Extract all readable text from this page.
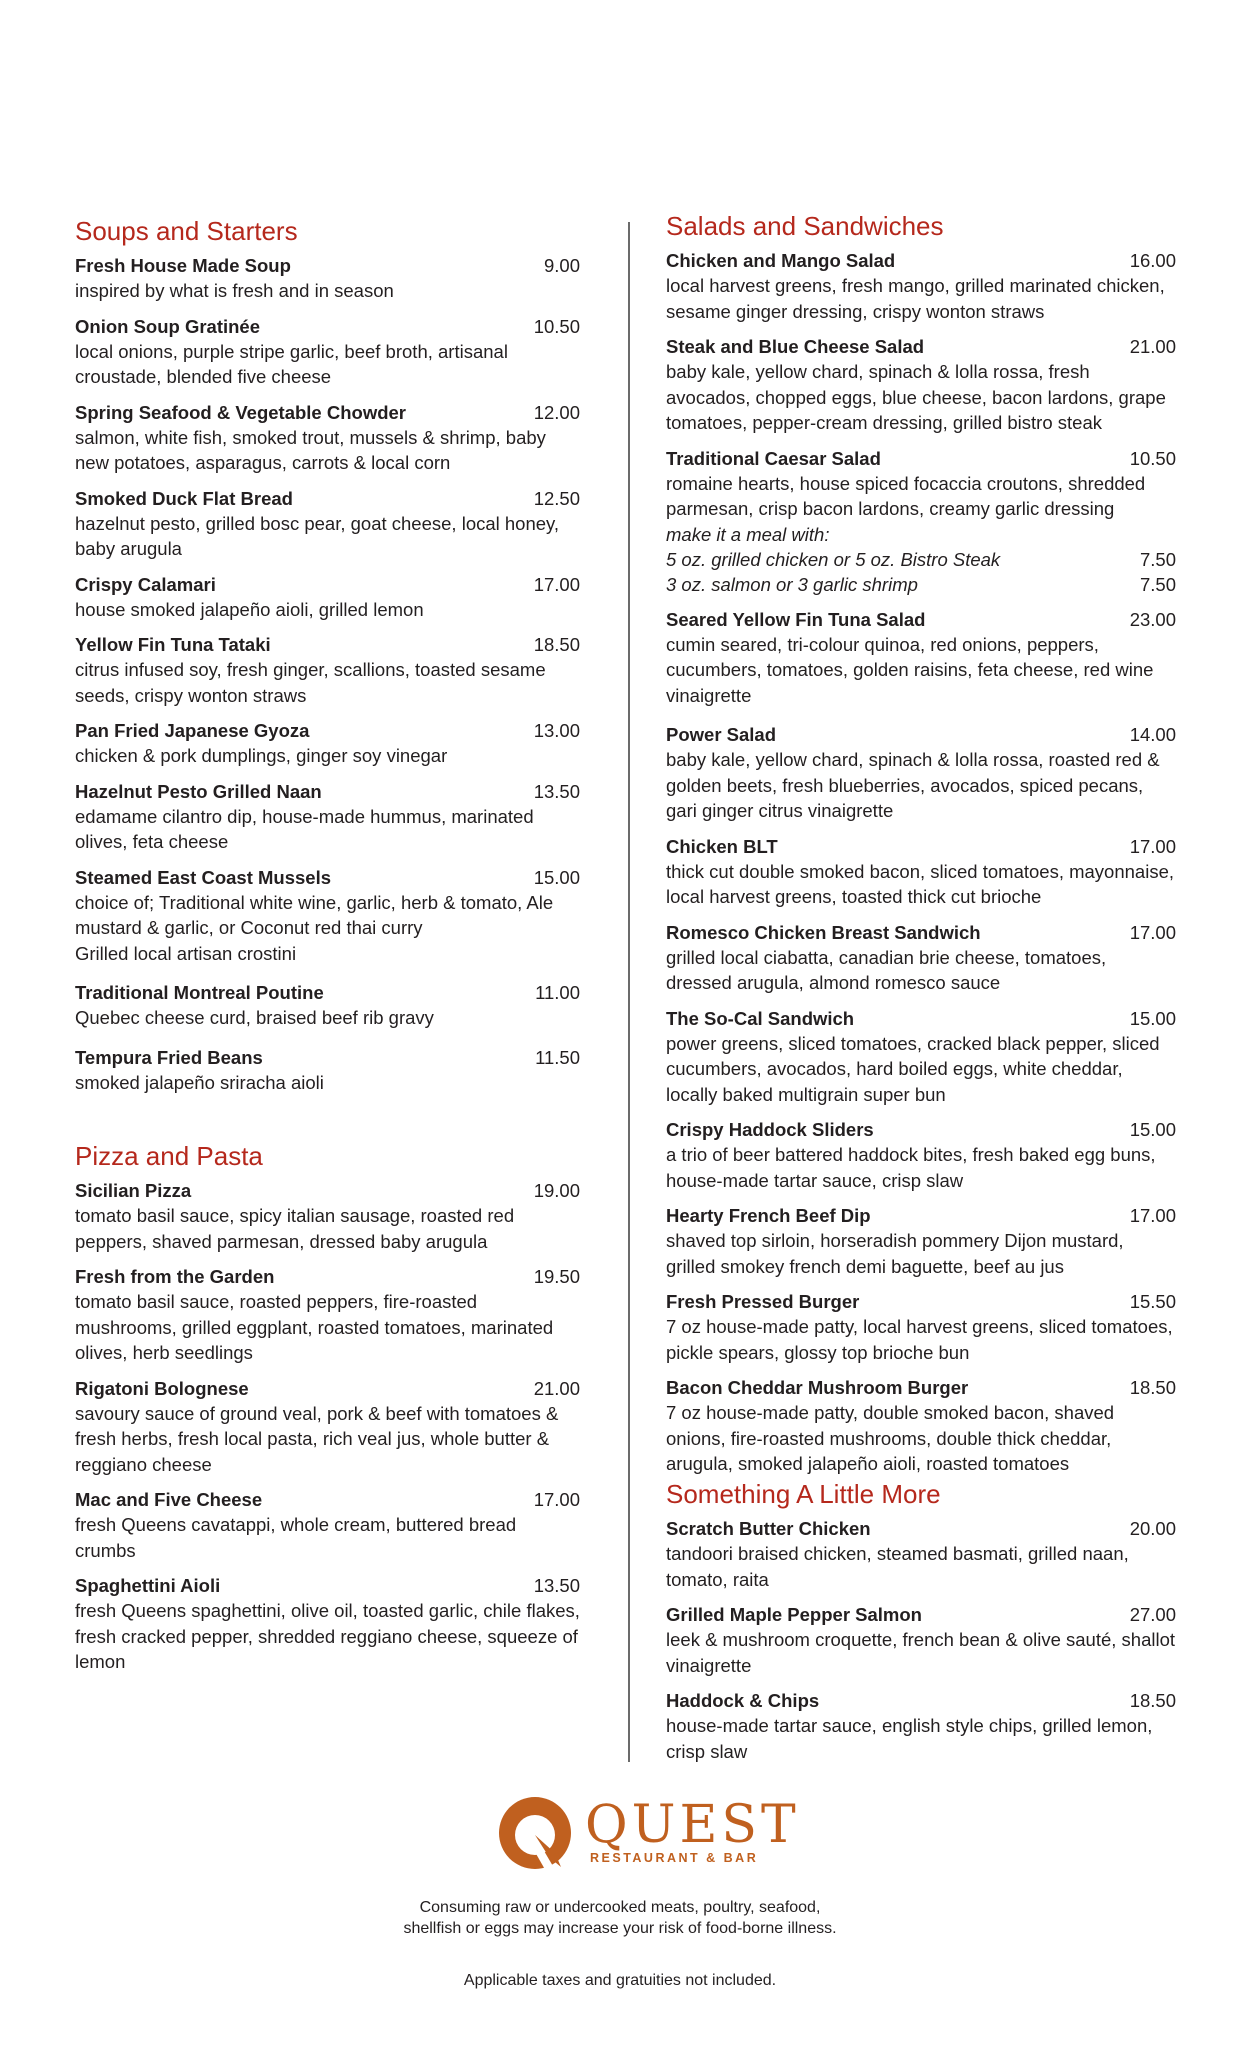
Soups and Starters
Fresh House Made Soup	9.00
inspired by what is fresh and in season
Onion Soup Gratinée	10.50
local onions, purple stripe garlic, beef broth, artisanal croustade, blended five cheese
Spring Seafood & Vegetable Chowder	12.00
salmon, white fish, smoked trout, mussels & shrimp, baby new potatoes, asparagus, carrots & local corn
Smoked Duck Flat Bread	12.50
hazelnut pesto, grilled bosc pear, goat cheese, local honey, baby arugula
Crispy Calamari	17.00
house smoked jalapeño aioli, grilled lemon
Yellow Fin Tuna Tataki	18.50
citrus infused soy, fresh ginger, scallions, toasted sesame seeds, crispy wonton straws
Pan Fried Japanese Gyoza	13.00
chicken & pork dumplings, ginger soy vinegar
Hazelnut Pesto Grilled Naan	13.50
edamame cilantro dip, house-made hummus, marinated olives, feta cheese
Steamed East Coast Mussels	15.00
choice of; Traditional white wine, garlic, herb & tomato, Ale mustard & garlic, or Coconut red thai curry
Grilled local artisan crostini
Traditional Montreal Poutine	11.00
Quebec cheese curd, braised beef rib gravy
Tempura Fried Beans	11.50
smoked jalapeño sriracha aioli
Pizza and Pasta
Sicilian Pizza	19.00
tomato basil sauce, spicy italian sausage, roasted red peppers, shaved parmesan, dressed baby arugula
Fresh from the Garden	19.50
tomato basil sauce, roasted peppers, fire-roasted mushrooms, grilled eggplant, roasted tomatoes, marinated olives, herb seedlings
Rigatoni Bolognese	21.00
savoury sauce of ground veal, pork & beef with tomatoes & fresh herbs, fresh local pasta, rich veal jus, whole butter & reggiano cheese
Mac and Five Cheese	17.00
fresh Queens cavatappi, whole cream, buttered bread crumbs
Spaghettini Aioli	13.50
fresh Queens spaghettini, olive oil, toasted garlic, chile flakes, fresh cracked pepper, shredded reggiano cheese, squeeze of lemon
Salads and Sandwiches
Chicken and Mango Salad	16.00
local harvest greens, fresh mango, grilled marinated chicken, sesame ginger dressing, crispy wonton straws
Steak and Blue Cheese Salad	21.00
baby kale, yellow chard, spinach & lolla rossa, fresh avocados, chopped eggs, blue cheese, bacon lardons, grape tomatoes, pepper-cream dressing, grilled bistro steak
Traditional Caesar Salad	10.50
romaine hearts, house spiced focaccia croutons, shredded parmesan, crisp bacon lardons, creamy garlic dressing
make it a meal with:
5 oz. grilled chicken or 5 oz. Bistro Steak	7.50
3 oz. salmon or 3 garlic shrimp	7.50
Seared Yellow Fin Tuna Salad	23.00
cumin seared, tri-colour quinoa, red onions, peppers, cucumbers, tomatoes, golden raisins, feta cheese, red wine vinaigrette
Power Salad	14.00
baby kale, yellow chard, spinach & lolla rossa, roasted red & golden beets, fresh blueberries, avocados, spiced pecans, gari ginger citrus vinaigrette
Chicken BLT	17.00
thick cut double smoked bacon, sliced tomatoes, mayonnaise, local harvest greens, toasted thick cut brioche
Romesco Chicken Breast Sandwich	17.00
grilled local ciabatta, canadian brie cheese, tomatoes, dressed arugula, almond romesco sauce
The So-Cal Sandwich	15.00
power greens, sliced tomatoes, cracked black pepper, sliced cucumbers, avocados, hard boiled eggs, white cheddar, locally baked multigrain super bun
Crispy Haddock Sliders	15.00
a trio of beer battered haddock bites, fresh baked egg buns, house-made tartar sauce, crisp slaw
Hearty French Beef Dip	17.00
shaved top sirloin, horseradish pommery Dijon mustard, grilled smokey french demi baguette, beef au jus
Fresh Pressed Burger	15.50
7 oz house-made patty, local harvest greens, sliced tomatoes, pickle spears, glossy top brioche bun
Bacon Cheddar Mushroom Burger	18.50
7 oz house-made patty, double smoked bacon, shaved onions, fire-roasted mushrooms, double thick cheddar, arugula, smoked jalapeño aioli, roasted tomatoes
Something A Little More
Scratch Butter Chicken	20.00
tandoori braised chicken, steamed basmati, grilled naan, tomato, raita
Grilled Maple Pepper Salmon	27.00
leek & mushroom croquette, french bean & olive sauté, shallot vinaigrette
Haddock & Chips	18.50
house-made tartar sauce, english style chips, grilled lemon, crisp slaw
QUEST
RESTAURANT & BAR
Consuming raw or undercooked meats, poultry, seafood, shellfish or eggs may increase your risk of food-borne illness.
Applicable taxes and gratuities not included.
